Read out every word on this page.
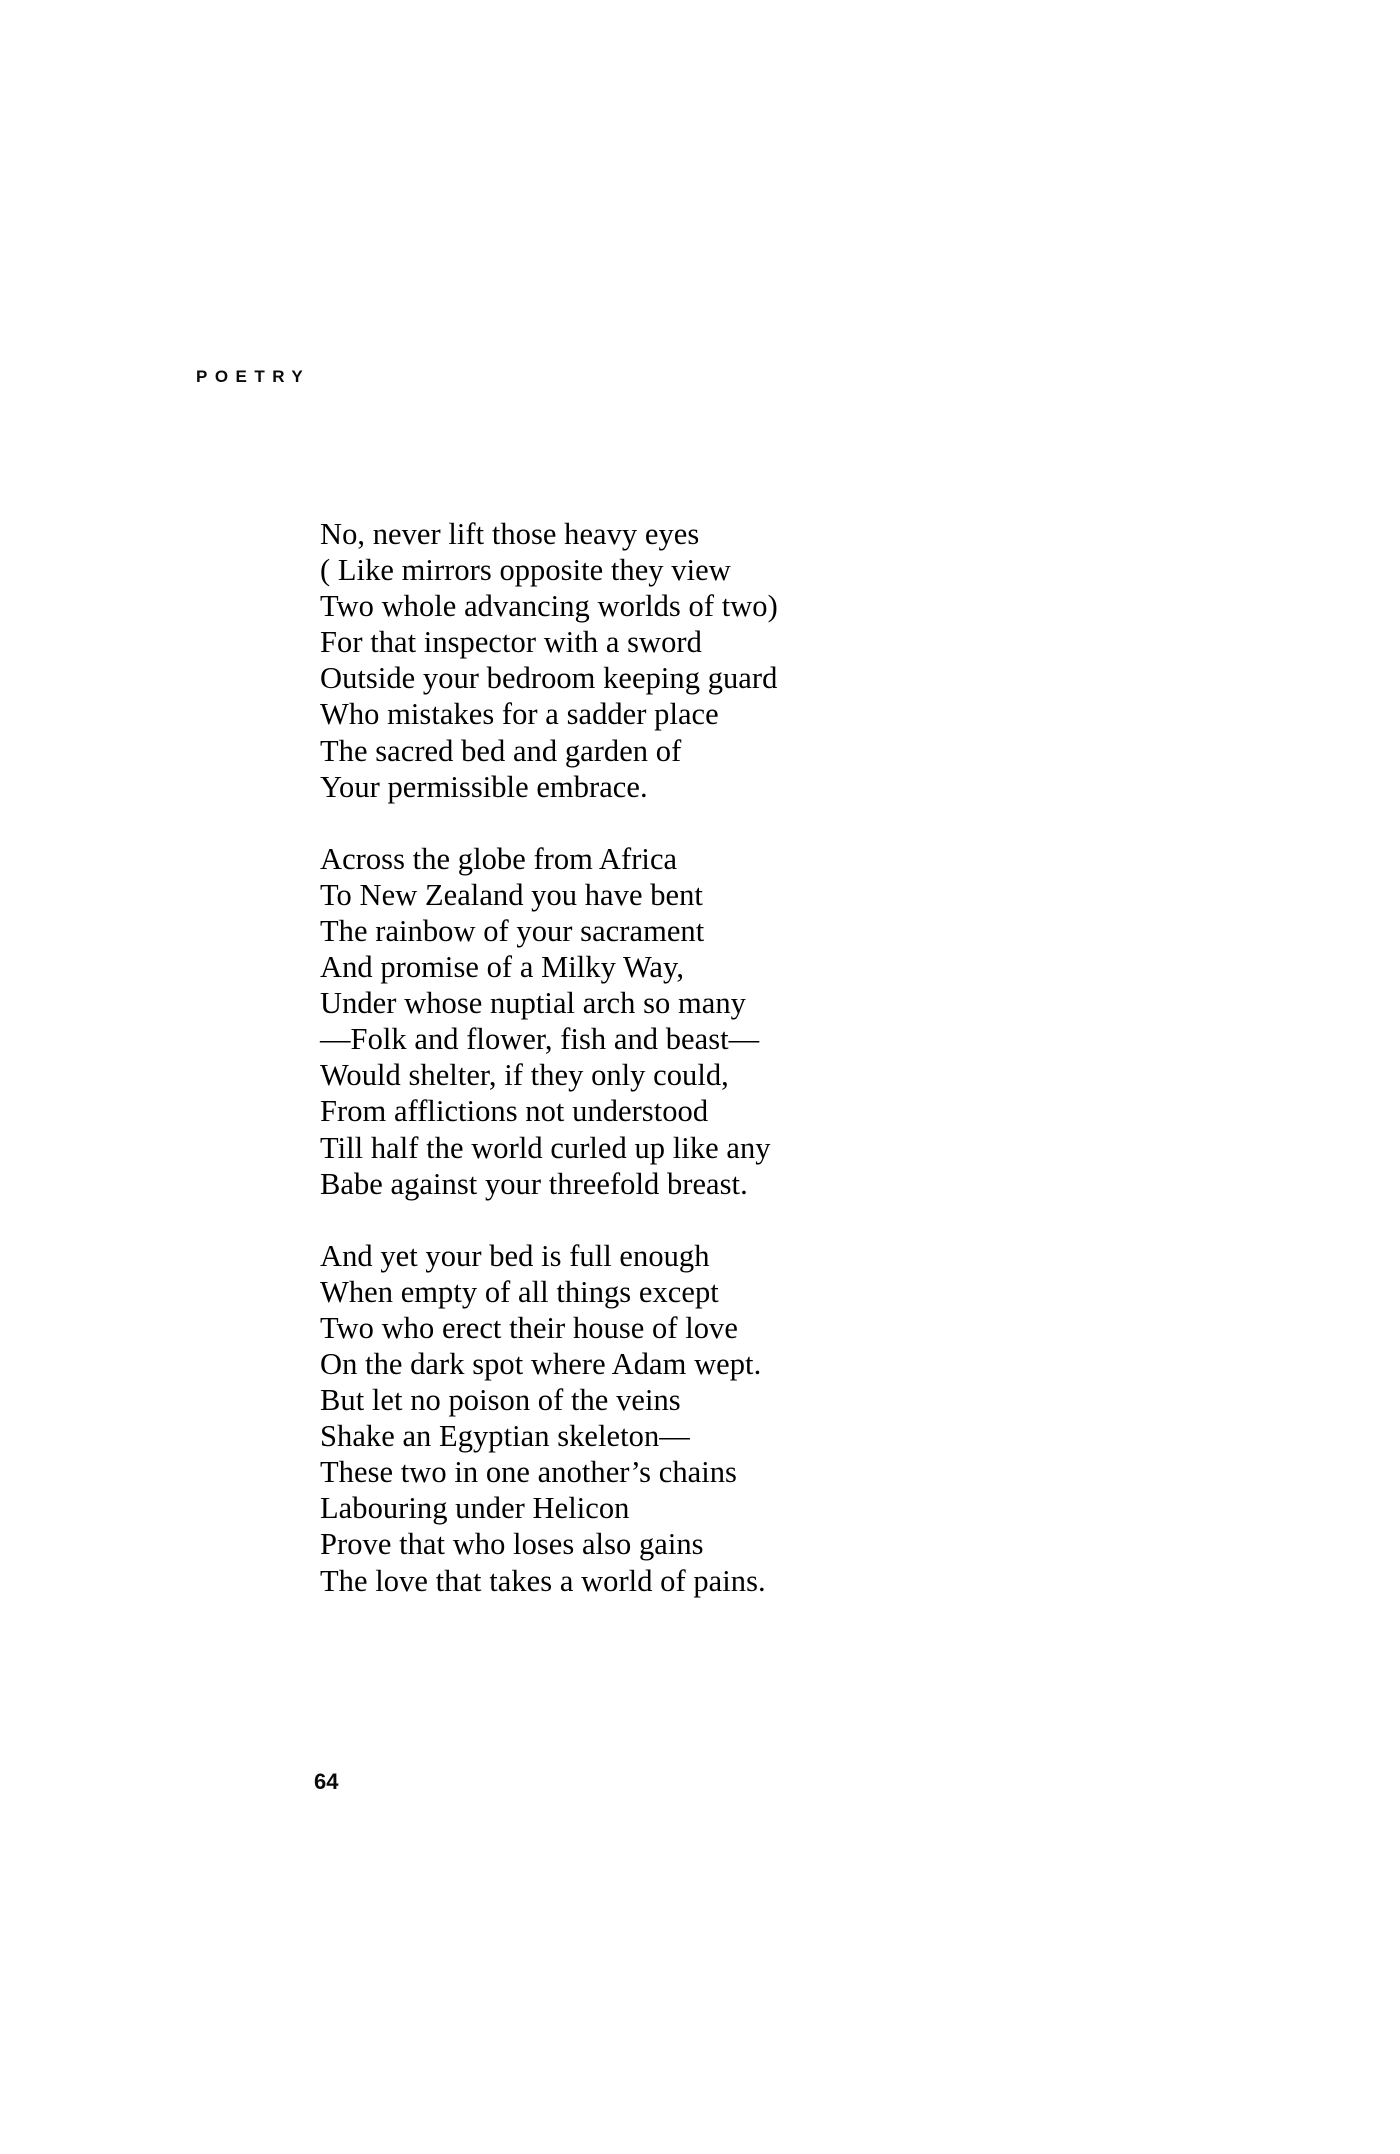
POETRY
No, never lift those heavy eyes
( Like mirrors opposite they view
Two whole advancing worlds of two)
For that inspector with a sword
Outside your bedroom keeping guard
Who mistakes for a sadder place
The sacred bed and garden of
Your permissible embrace.
Across the globe from Africa
To New Zealand you have bent
The rainbow of your sacrament
And promise of a Milky Way,
Under whose nuptial arch so many
—Folk and flower, fish and beast—
Would shelter, if they only could,
From afflictions not understood
Till half the world curled up like any
Babe against your threefold breast.
And yet your bed is full enough
When empty of all things except
Two who erect their house of love
On the dark spot where Adam wept.
But let no poison of the veins
Shake an Egyptian skeleton—
These two in one another’s chains
Labouring under Helicon
Prove that who loses also gains
The love that takes a world of pains.
64
